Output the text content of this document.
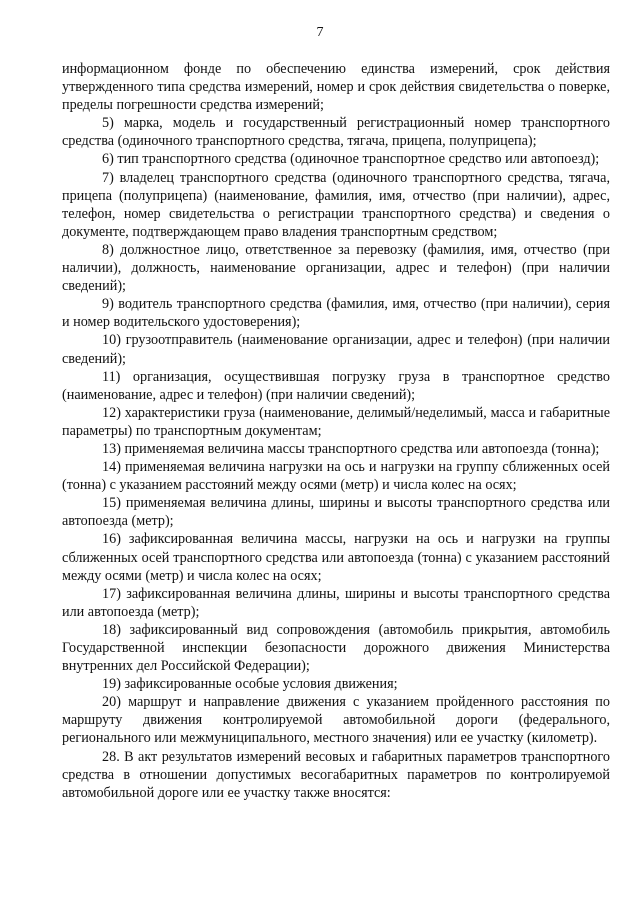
7

информационном фонде по обеспечению единства измерений, срок действия утвержденного типа средства измерений, номер и срок действия свидетельства о поверке, пределы погрешности средства измерений;

5) марка, модель и государственный регистрационный номер транспортного средства (одиночного транспортного средства, тягача, прицепа, полуприцепа);

6) тип транспортного средства (одиночное транспортное средство или автопоезд);

7) владелец транспортного средства (одиночного транспортного средства, тягача, прицепа (полуприцепа) (наименование, фамилия, имя, отчество (при наличии), адрес, телефон, номер свидетельства о регистрации транспортного средства) и сведения о документе, подтверждающем право владения транспортным средством;

8) должностное лицо, ответственное за перевозку (фамилия, имя, отчество (при наличии), должность, наименование организации, адрес и телефон) (при наличии сведений);

9) водитель транспортного средства (фамилия, имя, отчество (при наличии), серия и номер водительского удостоверения);

10) грузоотправитель (наименование организации, адрес и телефон) (при наличии сведений);

11) организация, осуществившая погрузку груза в транспортное средство (наименование, адрес и телефон) (при наличии сведений);

12) характеристики груза (наименование, делимый/неделимый, масса и габаритные параметры) по транспортным документам;

13) применяемая величина массы транспортного средства или автопоезда (тонна);

14) применяемая величина нагрузки на ось и нагрузки на группу сближенных осей (тонна) с указанием расстояний между осями (метр) и числа колес на осях;

15) применяемая величина длины, ширины и высоты транспортного средства или автопоезда (метр);

16) зафиксированная величина массы, нагрузки на ось и нагрузки на группы сближенных осей транспортного средства или автопоезда (тонна) с указанием расстояний между осями (метр) и числа колес на осях;

17) зафиксированная величина длины, ширины и высоты транспортного средства или автопоезда (метр);

18) зафиксированный вид сопровождения (автомобиль прикрытия, автомобиль Государственной инспекции безопасности дорожного движения Министерства внутренних дел Российской Федерации);

19) зафиксированные особые условия движения;

20) маршрут и направление движения с указанием пройденного расстояния по маршруту движения контролируемой автомобильной дороги (федерального, регионального или межмуниципального, местного значения) или ее участку (километр).

28. В акт результатов измерений весовых и габаритных параметров транспортного средства в отношении допустимых весогабаритных параметров по контролируемой автомобильной дороге или ее участку также вносятся:
